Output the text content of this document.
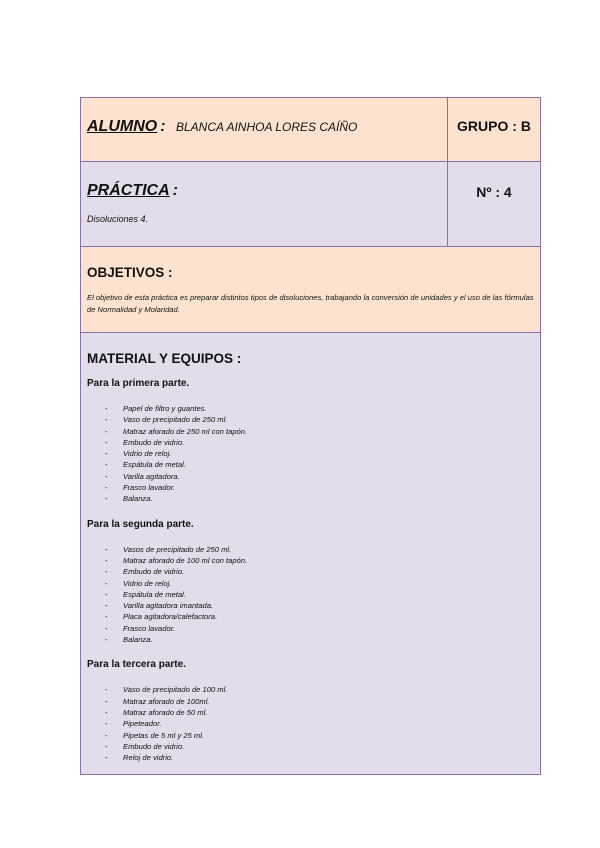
ALUMNO : BLANCA AINHOA LORES CAÍÑO	GRUPO : B
PRÁCTICA :
Disoluciones 4.
Nº : 4
OBJETIVOS :
El objetivo de esta práctica es preparar distintos tipos de disoluciones, trabajando la conversión de unidades y el uso de las fórmulas de Normalidad y Molaridad.
MATERIAL Y EQUIPOS :
Para la primera parte.
- Papel de filtro y guantes.
- Vaso de precipitado de 250 ml.
- Matraz aforado de 250 ml con tapón.
- Embudo de vidrio.
- Vidrio de reloj.
- Espátula de metal.
- Varilla agitadora.
- Frasco lavador.
- Balanza.
Para la segunda parte.
- Vasos de precipitado de 250 ml.
- Matraz aforado de 100 ml con tapón.
- Embudo de vidrio.
- Vidrio de reloj.
- Espátula de metal.
- Varilla agitadora imantada.
- Placa agitadora/calefactora.
- Frasco lavador.
- Balanza.
Para la tercera parte.
- Vaso de precipitado de 100 ml.
- Matraz aforado de 100ml.
- Matraz aforado de 50 ml.
- Pipeteador.
- Pipetas de 5 ml y 25 ml.
- Embudo de vidrio.
- Reloj de vidrio.
